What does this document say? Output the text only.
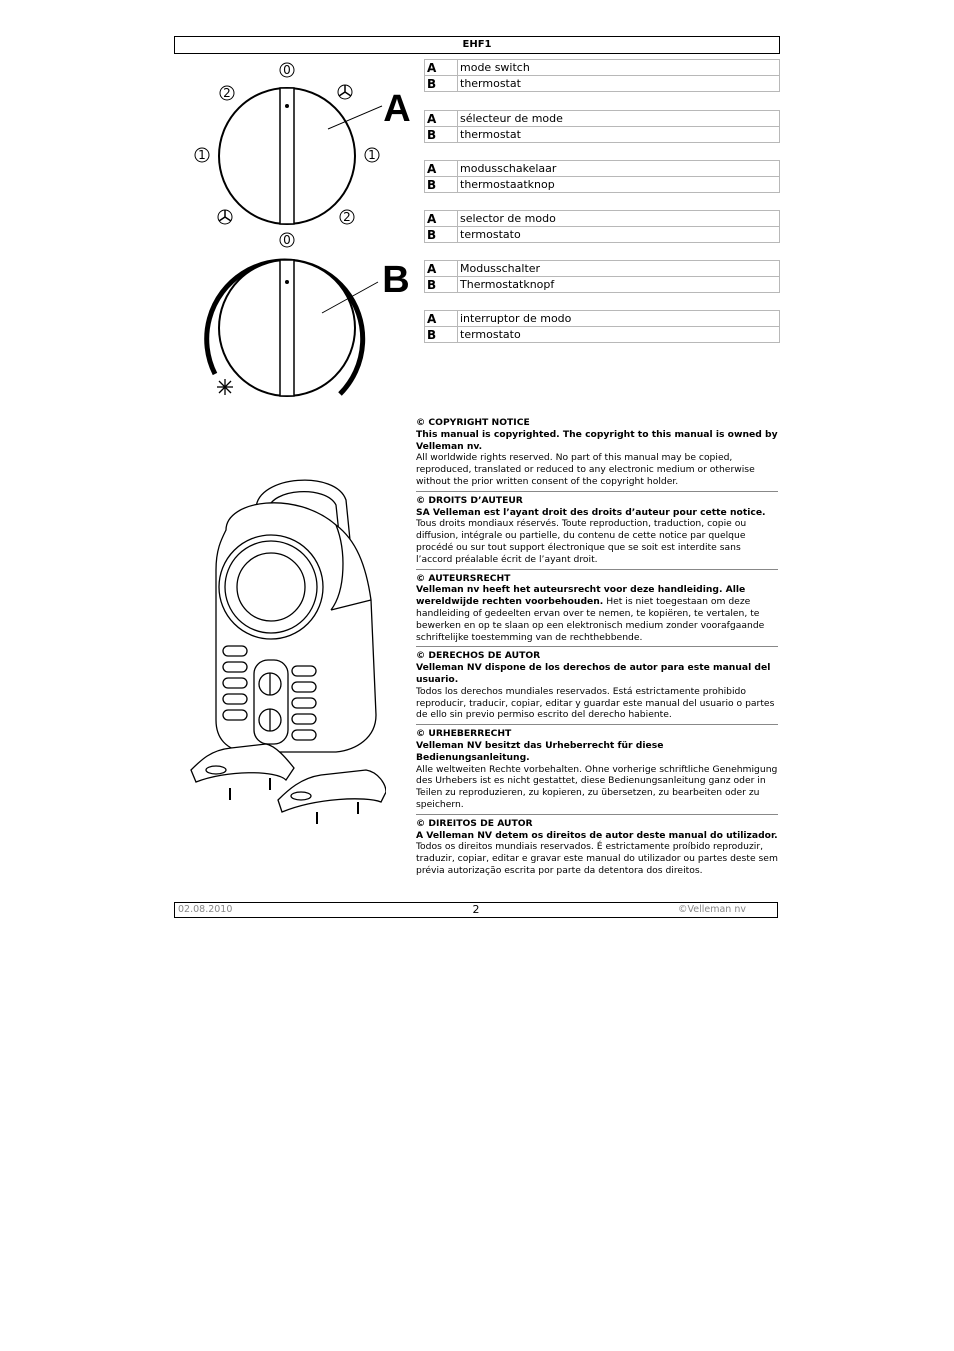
EHF1
A
0
2
1	1
2
0
B
A	mode switch
B	thermostat
A	sélecteur de mode
B	thermostat
A	modusschakelaar
B	thermostaatknop
A	selector de modo
B	termostato
A	Modusschalter
B	Thermostatknopf
A	interruptor de modo
B	termostato
© COPYRIGHT NOTICE
This manual is copyrighted. The copyright to this manual is owned by Velleman nv.
All worldwide rights reserved. No part of this manual may be copied, reproduced, translated or reduced to any electronic medium or otherwise without the prior written consent of the copyright holder.
© DROITS D’AUTEUR
SA Velleman est l’ayant droit des droits d’auteur pour cette notice.
Tous droits mondiaux réservés. Toute reproduction, traduction, copie ou diffusion, intégrale ou partielle, du contenu de cette notice par quelque procédé ou sur tout support électronique que se soit est interdite sans l’accord préalable écrit de l’ayant droit.
© AUTEURSRECHT
Velleman nv heeft het auteursrecht voor deze handleiding. Alle wereldwijde rechten voorbehouden. Het is niet toegestaan om deze handleiding of gedeelten ervan over te nemen, te kopiëren, te vertalen, te bewerken en op te slaan op een elektronisch medium zonder voorafgaande schriftelijke toestemming van de rechthebbende.
© DERECHOS DE AUTOR
Velleman NV dispone de los derechos de autor para este manual del usuario.
Todos los derechos mundiales reservados. Está estrictamente prohibido reproducir, traducir, copiar, editar y guardar este manual del usuario o partes de ello sin previo permiso escrito del derecho habiente.
© URHEBERRECHT
Velleman NV besitzt das Urheberrecht für diese Bedienungsanleitung.
Alle weltweiten Rechte vorbehalten. Ohne vorherige schriftliche Genehmigung des Urhebers ist es nicht gestattet, diese Bedienungsanleitung ganz oder in Teilen zu reproduzieren, zu kopieren, zu übersetzen, zu bearbeiten oder zu speichern.
© DIREITOS DE AUTOR
A Velleman NV detem os direitos de autor deste manual do utilizador.
Todos os direitos mundiais reservados. É estrictamente proíbido reproduzir, traduzir, copiar, editar e gravar este manual do utilizador ou partes deste sem prévia autorização escrita por parte da detentora dos direitos.
02.08.2010	2	©Velleman nv
